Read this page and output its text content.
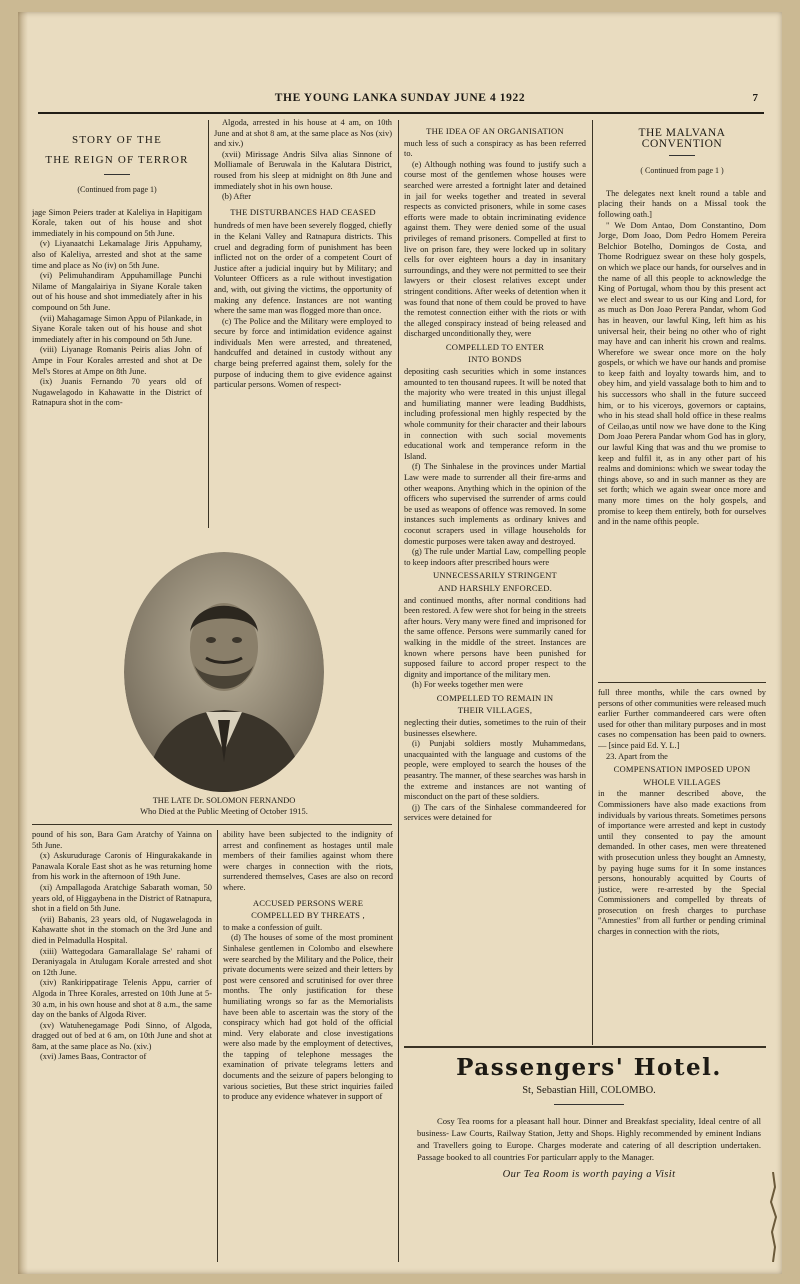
THE YOUNG LANKA SUNDAY JUNE 4 1922	7
STORY OF THE
THE REIGN OF TERROR
(Continued from page 1)

jage Simon Peiers trader at Kaleliya in Hapitigam Korale, taken out of his house and shot immediately in his compound on 5th June.

(v) Liyanaatchi Lekamalage Jiris Appuhamy, also of Kaleliya, arrested and shot at the same time and place as No (iv) on 5th June.

(vi) Pelimuhandiram Appuhamillage Punchi Nilame of Mangalairiya in Siyane Korale taken out of his house and shot immediately after in his compound on 5th June.

(vii) Mahagamage Simon Appu of Pilankade, in Siyane Korale taken out of his house and shot immediately after in his compound on 5th June.

(viii) Liyanage Romanis Peiris alias John of Ampe in Four Korales arrested and shot at De Mel's Stores at Ampe on 8th June.

(ix) Juanis Fernando 70 years old of Nugawelagodo in Kahawatte in the District of Ratnapura shot in the com-

Algoda, arrested in his house at 4 am, on 10th June and at shot 8 am, at the same place as Nos (xiv) and xiv.)

(xvii) Mirissage Andris Silva alias Sinnone of Molliamale of Beruwala in the Kalutara District, roused from his sleep at midnight on 8th June and immediately shot in his own house.

(b) After

THE DISTURBANCES HAD CEASED

hundreds of men have been severely flogged, chiefly in the Kelani Valley and Ratnapura districts. This cruel and degrading form of punishment has been inflicted not on the order of a competent Court of Justice after a judicial inquiry but by Military; and Volunteer Officers as a rule without investigation and, with, out giving the victims, the opportunity of making any defence. Instances are not wanting where the same man was flogged more than once.

(c) The Police and the Military were employed to secure by force and intimidation evidence against individuals Men were arrested, and threatened, handcuffed and detained in custody without any charge being preferred against them, solely for the purpose of inducing them to give evidence against particular persons. Women of respect-

THE LATE Dr. SOLOMON FERNANDO
Who Died at the Public Meeting of October 1915.
THE IDEA OF AN ORGANISATION

much less of such a conspiracy as has been referred to.

(e) Although nothing was found to justify such a course most of the gentlemen whose houses were searched were arrested a fortnight later and detained in jail for weeks together and treated in several respects as convicted prisoners, while in some cases efforts were made to obtain incriminating evidence against them. They were denied some of the usual privileges of remand prisoners. Compelled at first to live on prison fare, they were locked up in solitary cells for over eighteen hours a day in insanitary surroundings, and they were not permitted to see their lawyers or their closest relatives except under stringent conditions. After weeks of detention when it was found that none of them could be proved to have the remotest connection either with the riots or with the alleged conspiracy instead of being released and discharged unconditionally they, were

COMPELLED TO ENTER
INTO BONDS

depositing cash securities which in some instances amounted to ten thousand rupees. It will be noted that the majority who were treated in this unjust illegal and humiliating manner were leading Buddhists, including professional men highly respected by the whole community for their character and their labours in connection with such social movements educational work and temperance reform in the Island.

(f) The Sinhalese in the provinces under Martial Law were made to surrender all their fire-arms and other weapons. Anything which in the opinion of the officers who supervised the surrender of arms could be used as weapons of offence was removed. In some instances such implements as ordinary knives and coconut scrapers used in village households for domestic purposes were taken away and destroyed.

(g) The rule under Martial Law, compelling people to keep indoors after prescribed hours were

UNNECESSARILY STRINGENT
AND HARSHLY ENFORCED.

and continued months, after normal conditions had been restored. A few were shot for being in the streets after hours. Very many were fined and imprisoned for the same offence. Persons were summarily caned for walking in the middle of the street. Instances are known where persons have been punished for supposed failure to accord proper respect to the dignity and importance of the military men.

(h) For weeks together men were

COMPELLED TO REMAIN IN
THEIR VILLAGES,

neglecting their duties, sometimes to the ruin of their businesses elsewhere.

(i) Punjabi soldiers mostly Muhammedans, unacquainted with the language and customs of the people, were employed to search the houses of the peasantry. The manner, of these searches was harsh in the extreme and instances are not wanting of misconduct on the part of these soldiers.

(j) The cars of the Sinhalese commandeered for services were detained for

THE MALVANA CONVENTION
( Continued from page 1 )

The delegates next knelt round a table and placing their hands on a Missal took the following oath.]

" We Dom Antao, Dom Constantino, Dom Jorge, Dom Joao, Dom Pedro Homem Pereira Belchior Botelho, Domingos de Costa, and Thome Rodriguez swear on these holy gospels, on which we place our hands, for ourselves and in the name of all this people to acknowledge the King of Portugal, whom thou by this present act we elect and swear to us our King and Lord, for as much as Don Joao Perera Pandar, whom God has in heaven, our lawful King, left him as his universal heir, their being no other who of right may have and can inherit his crown and realms. Wherefore we swear once more on the holy gospels, or which we have our hands and promise to keep faith and loyalty towards him, and to obey him, and yield vassalage both to him and to his successors who shall in the future succeed him, or to his viceroys, governors or captains, who in his stead shall hold office in these realms of Ceilao,as until now we have done to the King Dom Joao Perera Pandar whom God has in glory, our lawful King that was and thu we promise to keep and fulfil it, as in any other part of his realms and dominions: which we swear today the things above, so and in such manner as they are set forth; which we again swear once more and many more times on the holy gospels, and promise to keep them entirely, both for ourselves and in the name ofthis people.

full three months, while the cars owned by persons of other communities were released much earlier Further commandeered cars were often used for other than military purposes and in most cases no compensation has been paid to owners.— [since paid Ed. Y. L.]

23. Apart from the

COMPENSATION IMPOSED UPON
WHOLE VILLAGES

in the manner described above, the Commissioners have also made exactions from individuals by various threats. Sometimes persons of importance were arrested and kept in custody until they consented to pay the amount demanded. In other cases, men were threatened with prosecution unless they bought an Amnesty, by paying huge sums for it In some instances persons, honourably acquitted by Courts of justice, were re-arrested by the Special Commissioners and compelled by threats of prosecution on fresh charges to purchase "Amnesties" from all further or pending criminal charges in connection with the riots,

pound of his son, Bara Gam Aratchy of Yainna on 5th June.

(x) Askurudurage Caronis of Hingurakakande in Panawala Korale East shot as he was returning home from his work in the afternoon of 19th June.

(xi) Ampallagoda Aratchige Sabarath woman, 50 years old, of Higgaybena in the District of Ratnapura, shot in a field on 5th June.

(vii) Babanis, 23 years old, of Nugawelagoda in Kahawatte shot in the stomach on the 3rd June and died in Pelmadulla Hospital.

(xiii) Wattegodara Gamarallalage Se' rahami of Deraniyagala in Atulugam Korale arrested and shot on 12th June.

(xiv) Rankirippatirage Telenis Appu, carrier of Algoda in Three Korales, arrested on 10th June at 5-30 a.m, in his own house and shot at 8 a.m., the same day on the banks of Algoda River.

(xv) Watuhenegamage Podi Sinno, of Algoda, dragged out of bed at 6 am, on 10th June and shot at 8am, at the same place as No. (xiv.)

(xvi) James Baas, Contractor of

ability have been subjected to the indignity of arrest and confinement as hostages until male members of their families against whom there were charges in connection with the riots, surrendered themselves, Cases are also on record where.

ACCUSED PERSONS WERE
COMPELLED BY THREATS ,

to make a confession of guilt.

(d) The houses of some of the most prominent Sinhalese gentlemen in Colombo and elsewhere were searched by the Military and the Police, their private documents were seized and their letters by post were censored and scrutinised for over three months. The only justification for these humiliating wrongs so far as the Memorialists have been able to ascertain was the story of the conspiracy which had got hold of the official mind. Very elaborate and close investigations were also made by the employment of detectives, the tapping of telephone messages the examination of private telegrams letters and documents and the seizure of papers belonging to various societies, But these strict inquiries failed to produce any evidence whatever in support of

Passengers' Hotel.
St, Sebastian Hill, COLOMBO.
Cosy Tea rooms for a pleasant hall hour. Dinner and Breakfast speciality, Ideal centre of all business- Law Courts, Railway Station, Jetty and Shops. Highly recommended by eminent Indians and Travellers going to Europe. Charges moderate and catering of all description undertaken. Passage booked to all countries For particularr apply to the Manager.
Our Tea Room is worth paying a Visit
